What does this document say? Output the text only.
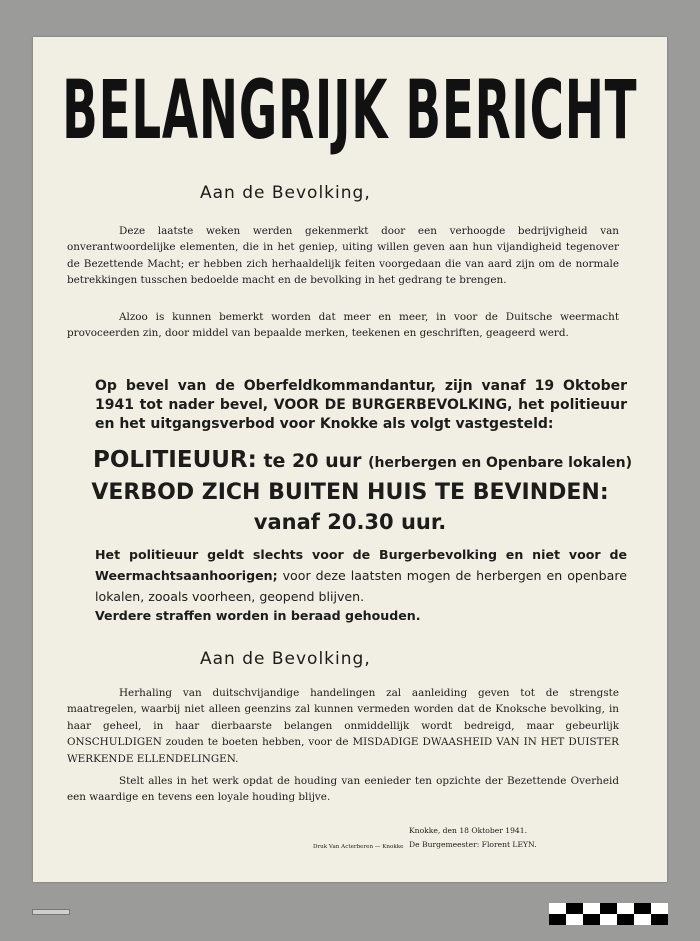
BELANGRIJK BERICHT
Aan de Bevolking,
Deze laatste weken werden gekenmerkt door een verhoogde bedrijvigheid van onverantwoordelijke elementen, die in het geniep, uiting willen geven aan hun vijandigheid tegenover de Bezettende Macht; er hebben zich herhaaldelijk feiten voorgedaan die van aard zijn om de normale betrekkingen tusschen bedoelde macht en de bevolking in het gedrang te brengen.
Alzoo is kunnen bemerkt worden dat meer en meer, in voor de Duitsche weermacht provoceerden zin, door middel van bepaalde merken, teekenen en geschriften, geageerd werd.
Op bevel van de Oberfeldkommandantur, zijn vanaf 19 Oktober 1941 tot nader bevel, VOOR DE BURGERBEVOLKING, het politieuur en het uitgangsverbod voor Knokke als volgt vastgesteld:
POLITIEUUR: te 20 uur (herbergen en Openbare lokalen)
VERBOD ZICH BUITEN HUIS TE BEVINDEN:
vanaf 20.30 uur.
Het politieuur geldt slechts voor de Burgerbevolking en niet voor de Weermachtsaanhoorigen; voor deze laatsten mogen de herbergen en openbare lokalen, zooals voorheen, geopend blijven.
Verdere straffen worden in beraad gehouden.
Aan de Bevolking,
Herhaling van duitschvijandige handelingen zal aanleiding geven tot de strengste maatregelen, waarbij niet alleen geenzins zal kunnen vermeden worden dat de Knoksche bevolking, in haar geheel, in haar dierbaarste belangen onmiddellijk wordt bedreigd, maar gebeurlijk ONSCHULDIGEN zouden te boeten hebben, voor de MISDADIGE DWAASHEID VAN IN HET DUISTER WERKENDE ELLENDELINGEN.
Stelt alles in het werk opdat de houding van eenieder ten opzichte der Bezettende Overheid een waardige en tevens een loyale houding blijve.
Knokke, den 18 Oktober 1941.
De Burgemeester: Florent LEYN.
Druk Van Acterberen — Knokke
